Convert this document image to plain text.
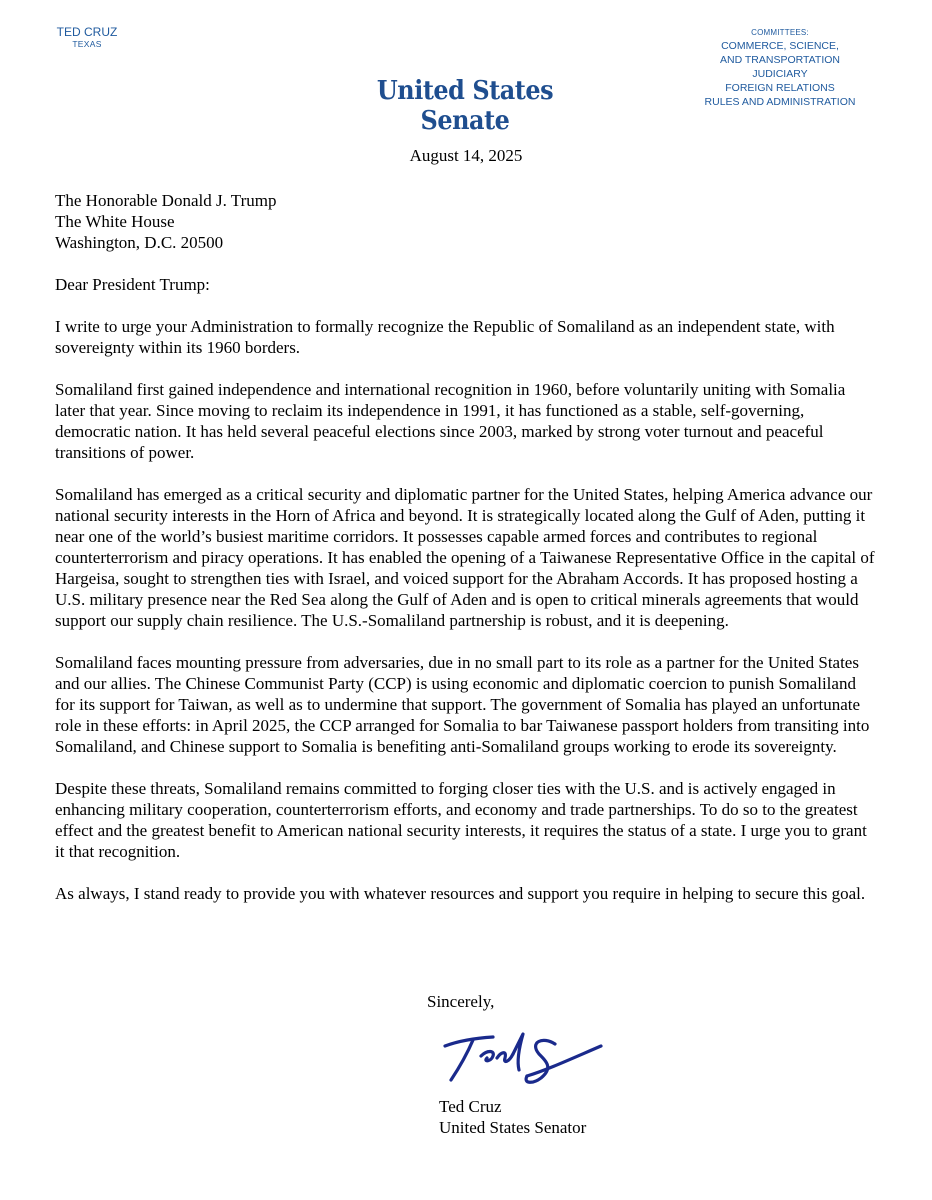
TED CRUZ
TEXAS
United States Senate
COMMITTEES:
COMMERCE, SCIENCE,
AND TRANSPORTATION
JUDICIARY
FOREIGN RELATIONS
RULES AND ADMINISTRATION
August 14, 2025
The Honorable Donald J. Trump
The White House
Washington, D.C. 20500
Dear President Trump:

I write to urge your Administration to formally recognize the Republic of Somaliland as an independent state, with sovereignty within its 1960 borders.

Somaliland first gained independence and international recognition in 1960, before voluntarily uniting with Somalia later that year. Since moving to reclaim its independence in 1991, it has functioned as a stable, self-governing, democratic nation. It has held several peaceful elections since 2003, marked by strong voter turnout and peaceful transitions of power.

Somaliland has emerged as a critical security and diplomatic partner for the United States, helping America advance our national security interests in the Horn of Africa and beyond. It is strategically located along the Gulf of Aden, putting it near one of the world’s busiest maritime corridors. It possesses capable armed forces and contributes to regional counterterrorism and piracy operations. It has enabled the opening of a Taiwanese Representative Office in the capital of Hargeisa, sought to strengthen ties with Israel, and voiced support for the Abraham Accords. It has proposed hosting a U.S. military presence near the Red Sea along the Gulf of Aden and is open to critical minerals agreements that would support our supply chain resilience. The U.S.-Somaliland partnership is robust, and it is deepening.

Somaliland faces mounting pressure from adversaries, due in no small part to its role as a partner for the United States and our allies. The Chinese Communist Party (CCP) is using economic and diplomatic coercion to punish Somaliland for its support for Taiwan, as well as to undermine that support. The government of Somalia has played an unfortunate role in these efforts: in April 2025, the CCP arranged for Somalia to bar Taiwanese passport holders from transiting into Somaliland, and Chinese support to Somalia is benefiting anti-Somaliland groups working to erode its sovereignty.

Despite these threats, Somaliland remains committed to forging closer ties with the U.S. and is actively engaged in enhancing military cooperation, counterterrorism efforts, and economy and trade partnerships. To do so to the greatest effect and the greatest benefit to American national security interests, it requires the status of a state. I urge you to grant it that recognition.

As always, I stand ready to provide you with whatever resources and support you require in helping to secure this goal.

Sincerely,
Ted Cruz
United States Senator
